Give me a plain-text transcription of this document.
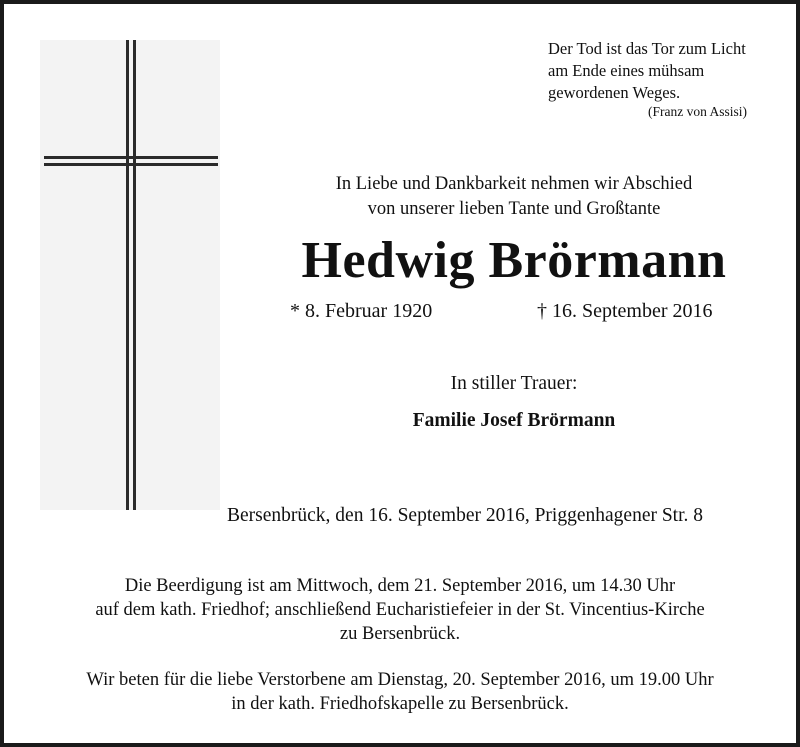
Der Tod ist das Tor zum Licht
am Ende eines mühsam
gewordenen Weges.
(Franz von Assisi)
In Liebe und Dankbarkeit nehmen wir Abschied
von unserer lieben Tante und Großtante
Hedwig Brörmann
* 8. Februar 1920	† 16. September 2016
In stiller Trauer:
Familie Josef Brörmann
Bersenbrück, den 16. September 2016, Priggenhagener Str. 8
Die Beerdigung ist am Mittwoch, dem 21. September 2016, um 14.30 Uhr
auf dem kath. Friedhof; anschließend Eucharistiefeier in der St. Vincentius-Kirche
zu Bersenbrück.
Wir beten für die liebe Verstorbene am Dienstag, 20. September 2016, um 19.00 Uhr
in der kath. Friedhofskapelle zu Bersenbrück.
